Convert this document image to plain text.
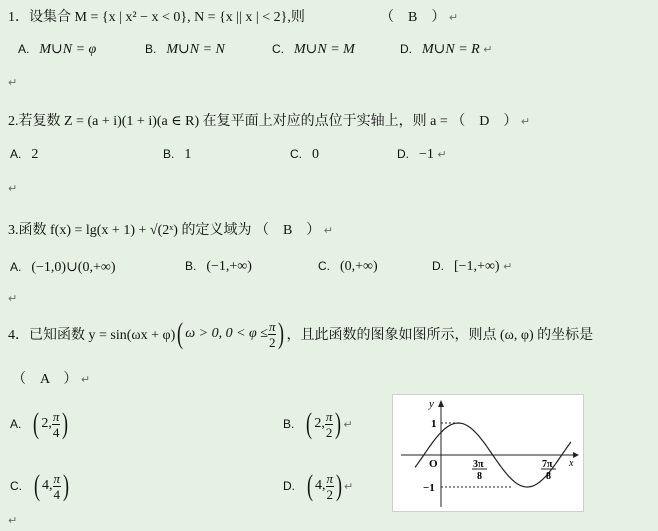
1．设集合 M = {x | x² − x < 0}, N = {x || x | < 2},则	（　B　） ↵
A. M∪N = φ	B. M∪N = N	C. M∪N = M	D. M∪N = R ↵
↵
2.若复数 Z = (a + i)(1 + i)(a ∈ R) 在复平面上对应的点位于实轴上，则 a = （　D　） ↵
A. 2	B. 1	C. 0	D. −1 ↵
↵
3.函数 f(x) = lg(x + 1) + √(2ˣ) 的定义域为 （　B　） ↵
A. (−1,0)∪(0,+∞)	B. (−1,+∞)	C. (0,+∞)	D. [−1,+∞) ↵
↵
4．已知函数 y = sin(ωx + φ) ( ω > 0, $0 < \varphi \le \frac{\pi}{2}$ ) ，且此函数的图象如图所示，则点 (ω, φ) 的坐标是
（　A　） ↵
A. ( 2, $\frac{\pi}{4}$ )	B. ( 2, $\frac{\pi}{2}$ ) ↵
C. ( 4, $\frac{\pi}{4}$ )	D. ( 4, $\frac{\pi}{2}$ ) ↵
↵
y
x
O
1
−1
3π
8
7π
8
